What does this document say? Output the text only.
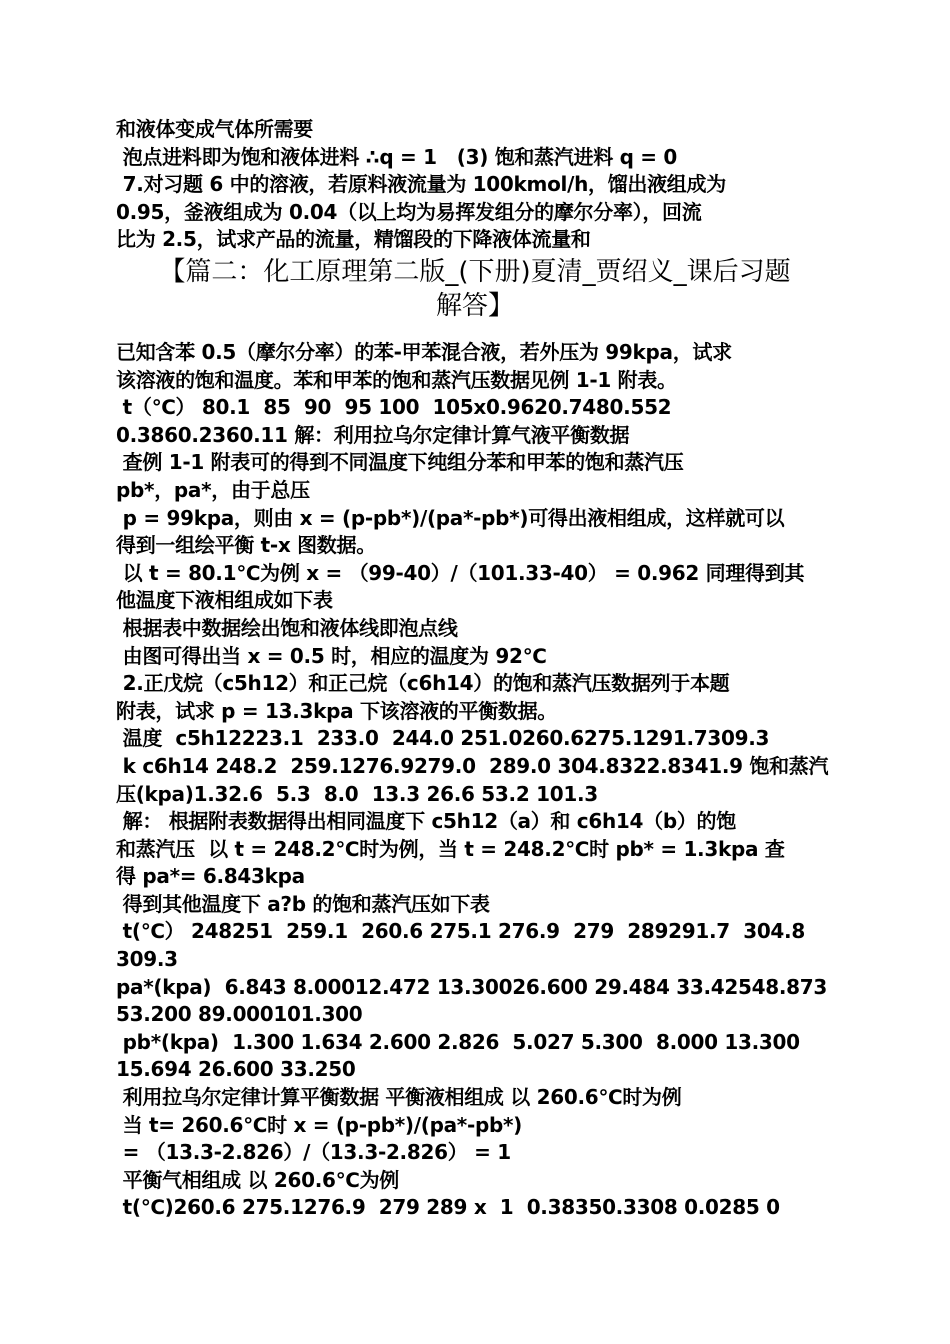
和液体变成气体所需要
泡点进料即为饱和液体进料 ∴q = 1   (3) 饱和蒸汽进料 q = 0
7.对习题 6 中的溶液，若原料液流量为 100kmol/h，馏出液组成为
0.95，釜液组成为 0.04（以上均为易挥发组分的摩尔分率），回流
比为 2.5，试求产品的流量，精馏段的下降液体流量和
【篇二：化工原理第二版_(下册)夏清_贾绍义_课后习题
解答】
已知含苯 0.5（摩尔分率）的苯-甲苯混合液，若外压为 99kpa，试求
该溶液的饱和温度。苯和甲苯的饱和蒸汽压数据见例 1-1 附表。
t（℃） 80.1  85  90  95 100  105x0.9620.7480.552
0.3860.2360.11 解：利用拉乌尔定律计算气液平衡数据
查例 1-1 附表可的得到不同温度下纯组分苯和甲苯的饱和蒸汽压
pb*，pa*，由于总压
p = 99kpa，则由 x = (p-pb*)/(pa*-pb*)可得出液相组成，这样就可以
得到一组绘平衡 t-x 图数据。
以 t = 80.1℃为例 x = （99-40）/（101.33-40） = 0.962 同理得到其
他温度下液相组成如下表
根据表中数据绘出饱和液体线即泡点线
由图可得出当 x = 0.5 时，相应的温度为 92℃
2.正戊烷（c5h12）和正己烷（c6h14）的饱和蒸汽压数据列于本题
附表，试求 p = 13.3kpa 下该溶液的平衡数据。
温度  c5h12223.1  233.0  244.0 251.0260.6275.1291.7309.3
k c6h14 248.2  259.1276.9279.0  289.0 304.8322.8341.9 饱和蒸汽
压(kpa)1.32.6  5.3  8.0  13.3 26.6 53.2 101.3
解： 根据附表数据得出相同温度下 c5h12（a）和 c6h14（b）的饱
和蒸汽压  以 t = 248.2℃时为例，当 t = 248.2℃时 pb* = 1.3kpa 查
得 pa*= 6.843kpa
得到其他温度下 a?b 的饱和蒸汽压如下表
t(℃） 248251  259.1  260.6 275.1 276.9  279  289291.7  304.8
309.3
pa*(kpa)  6.843 8.00012.472 13.30026.600 29.484 33.42548.873
53.200 89.000101.300
pb*(kpa)  1.300 1.634 2.600 2.826  5.027 5.300  8.000 13.300
15.694 26.600 33.250
利用拉乌尔定律计算平衡数据 平衡液相组成 以 260.6℃时为例
当 t= 260.6℃时 x = (p-pb*)/(pa*-pb*)
= （13.3-2.826）/（13.3-2.826） = 1
平衡气相组成 以 260.6℃为例
t(℃)260.6 275.1276.9  279 289 x  1  0.38350.3308 0.0285 0
